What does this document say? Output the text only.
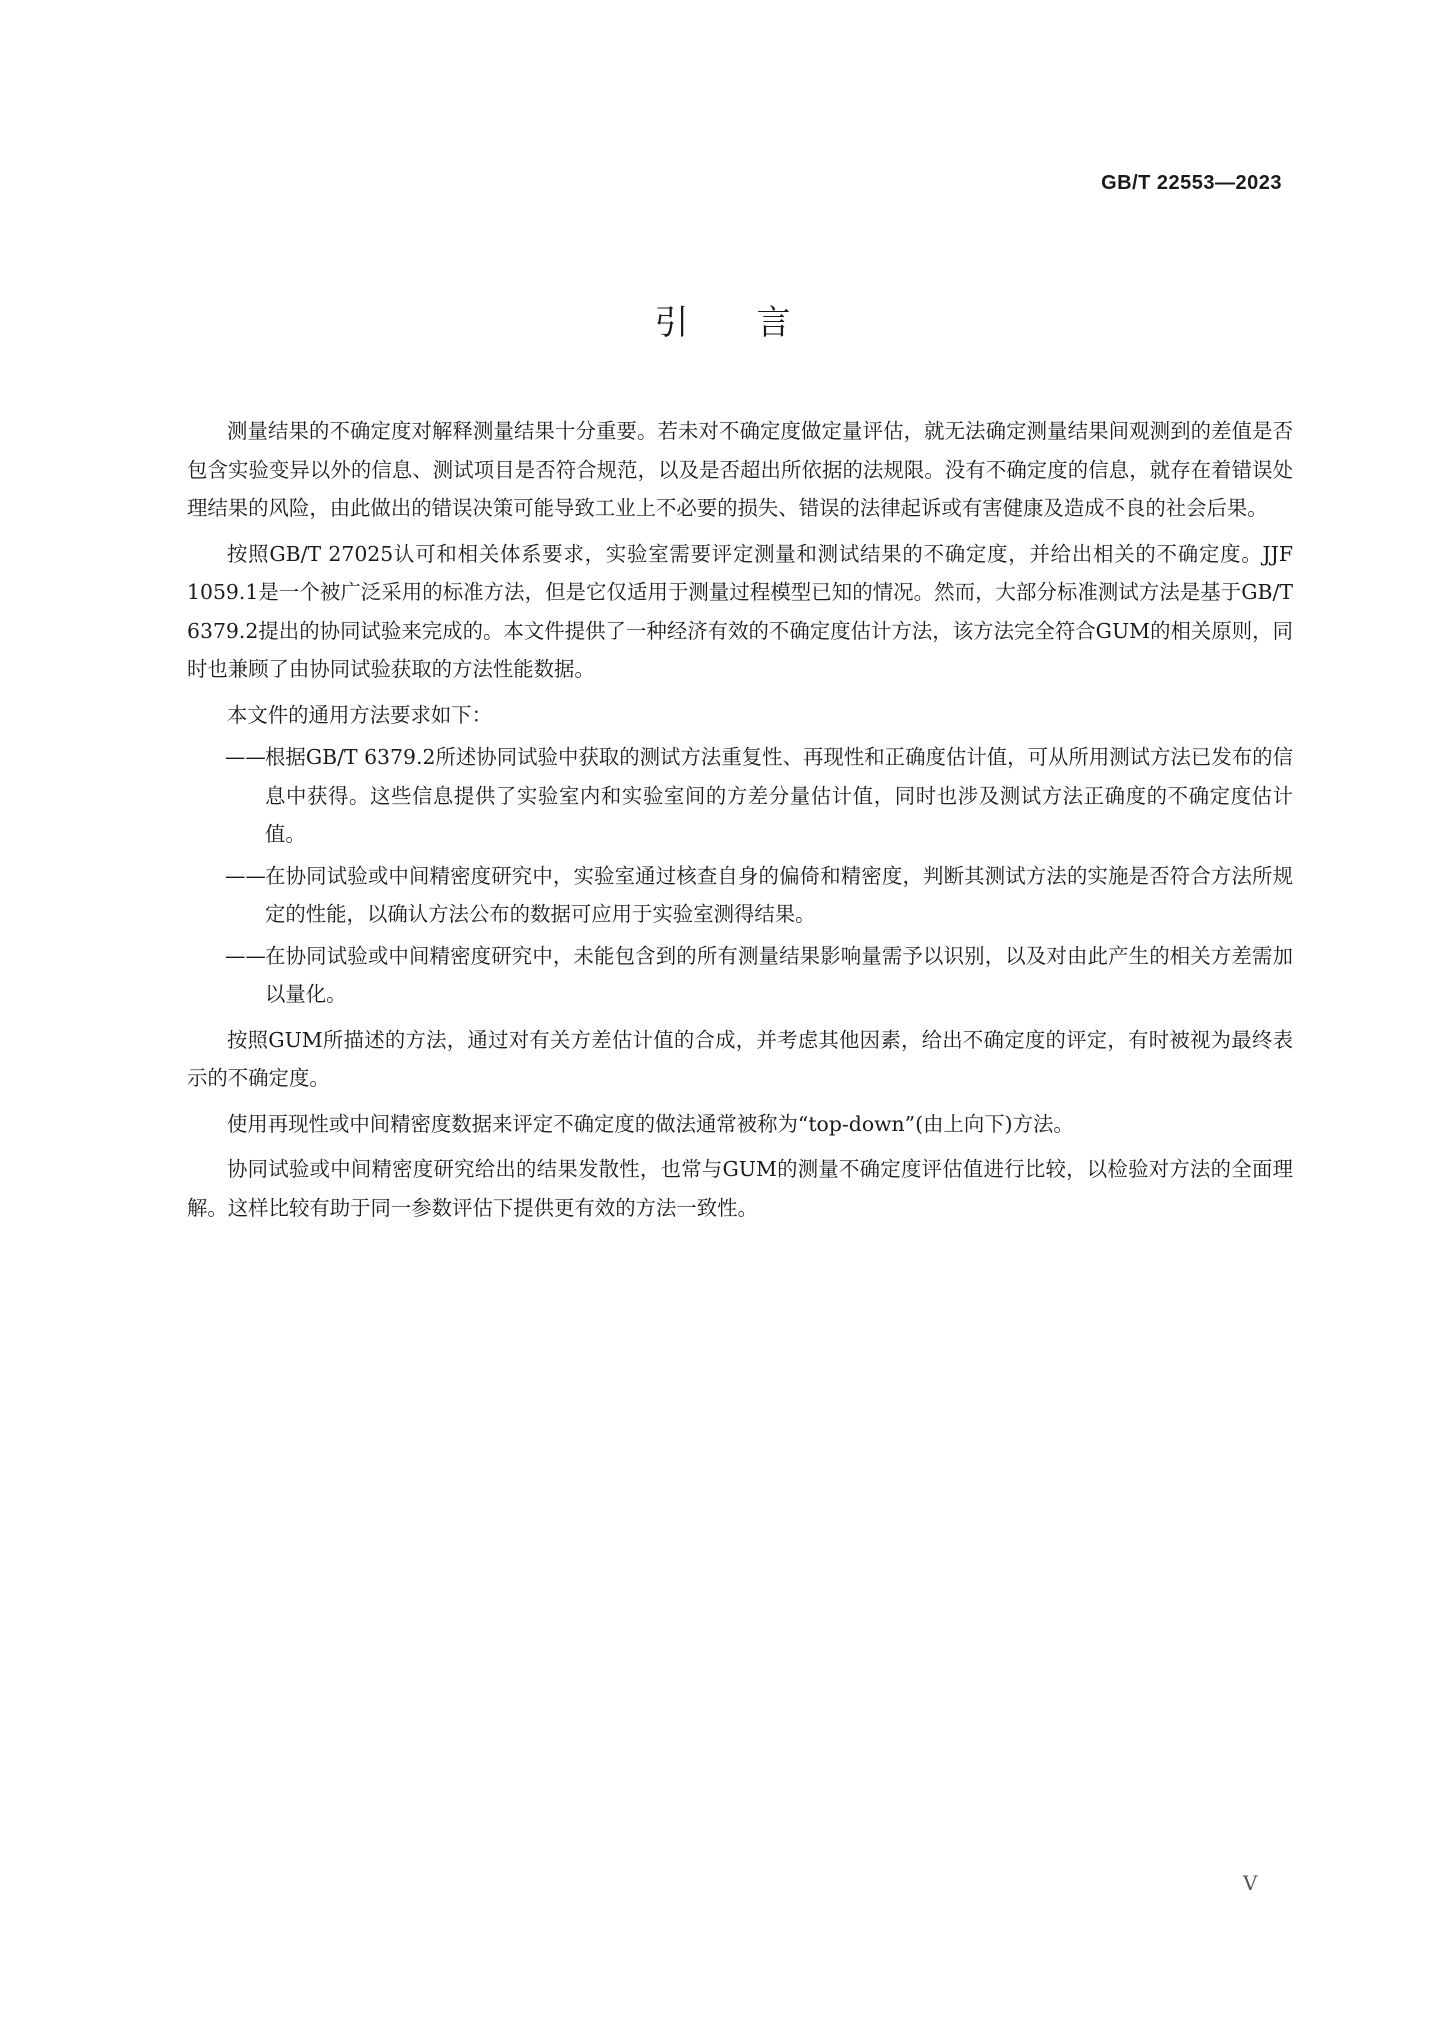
GB/T 22553—2023
引言

测量结果的不确定度对解释测量结果十分重要。若未对不确定度做定量评估，就无法确定测量结果间观测到的差值是否包含实验变异以外的信息、测试项目是否符合规范，以及是否超出所依据的法规限。没有不确定度的信息，就存在着错误处理结果的风险，由此做出的错误决策可能导致工业上不必要的损失、错误的法律起诉或有害健康及造成不良的社会后果。

按照GB/T 27025认可和相关体系要求，实验室需要评定测量和测试结果的不确定度，并给出相关的不确定度。JJF 1059.1是一个被广泛采用的标准方法，但是它仅适用于测量过程模型已知的情况。然而，大部分标准测试方法是基于GB/T 6379.2提出的协同试验来完成的。本文件提供了一种经济有效的不确定度估计方法，该方法完全符合GUM的相关原则，同时也兼顾了由协同试验获取的方法性能数据。

本文件的通用方法要求如下：

—— 根据GB/T 6379.2所述协同试验中获取的测试方法重复性、再现性和正确度估计值，可从所用测试方法已发布的信息中获得。这些信息提供了实验室内和实验室间的方差分量估计值，同时也涉及测试方法正确度的不确定度估计值。
—— 在协同试验或中间精密度研究中，实验室通过核查自身的偏倚和精密度，判断其测试方法的实施是否符合方法所规定的性能，以确认方法公布的数据可应用于实验室测得结果。
—— 在协同试验或中间精密度研究中，未能包含到的所有测量结果影响量需予以识别，以及对由此产生的相关方差需加以量化。

按照GUM所描述的方法，通过对有关方差估计值的合成，并考虑其他因素，给出不确定度的评定，有时被视为最终表示的不确定度。

使用再现性或中间精密度数据来评定不确定度的做法通常被称为“top-down”(由上向下)方法。

协同试验或中间精密度研究给出的结果发散性，也常与GUM的测量不确定度评估值进行比较，以检验对方法的全面理解。这样比较有助于同一参数评估下提供更有效的方法一致性。

V
